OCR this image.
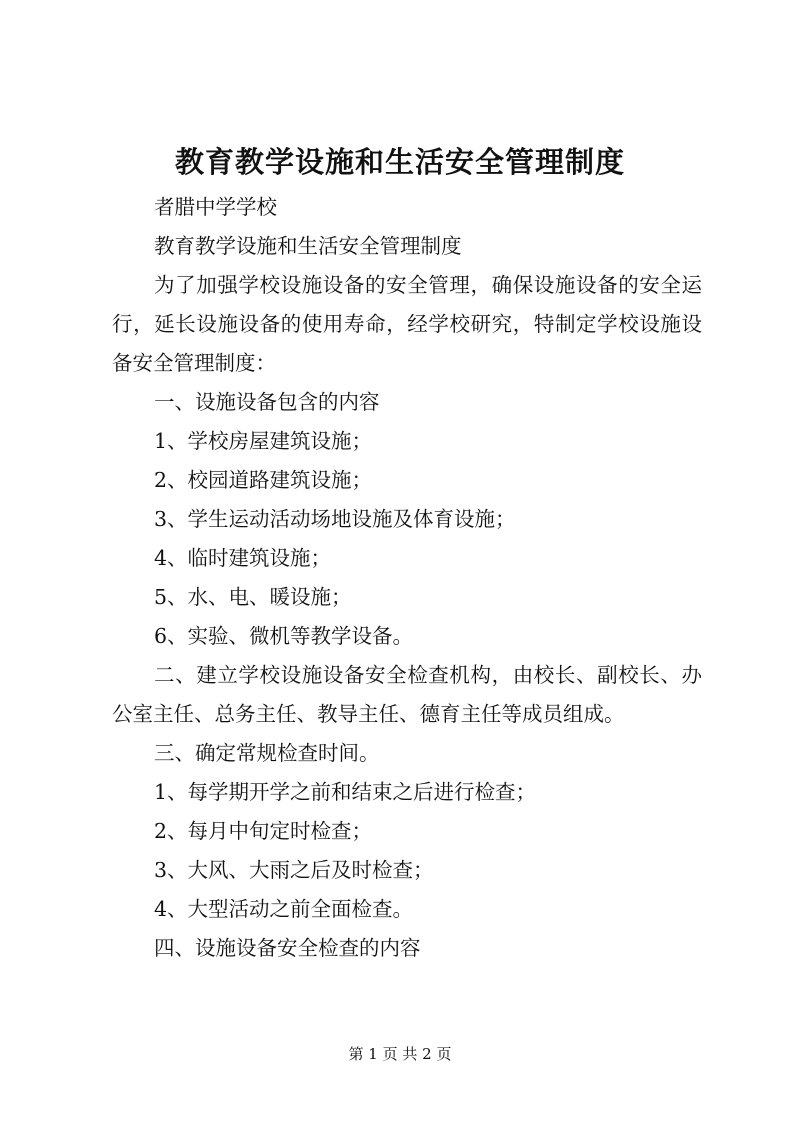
教育教学设施和生活安全管理制度

者腊中学学校

教育教学设施和生活安全管理制度

为了加强学校设施设备的安全管理，确保设施设备的安全运行，延长设施设备的使用寿命，经学校研究，特制定学校设施设备安全管理制度：

一、设施设备包含的内容

1、学校房屋建筑设施；

2、校园道路建筑设施；

3、学生运动活动场地设施及体育设施；

4、临时建筑设施；

5、水、电、暖设施；

6、实验、微机等教学设备。

二、建立学校设施设备安全检查机构，由校长、副校长、办公室主任、总务主任、教导主任、德育主任等成员组成。

三、确定常规检查时间。

1、每学期开学之前和结束之后进行检查；

2、每月中旬定时检查；

3、大风、大雨之后及时检查；

4、大型活动之前全面检查。

四、设施设备安全检查的内容

第 1 页 共 2 页
